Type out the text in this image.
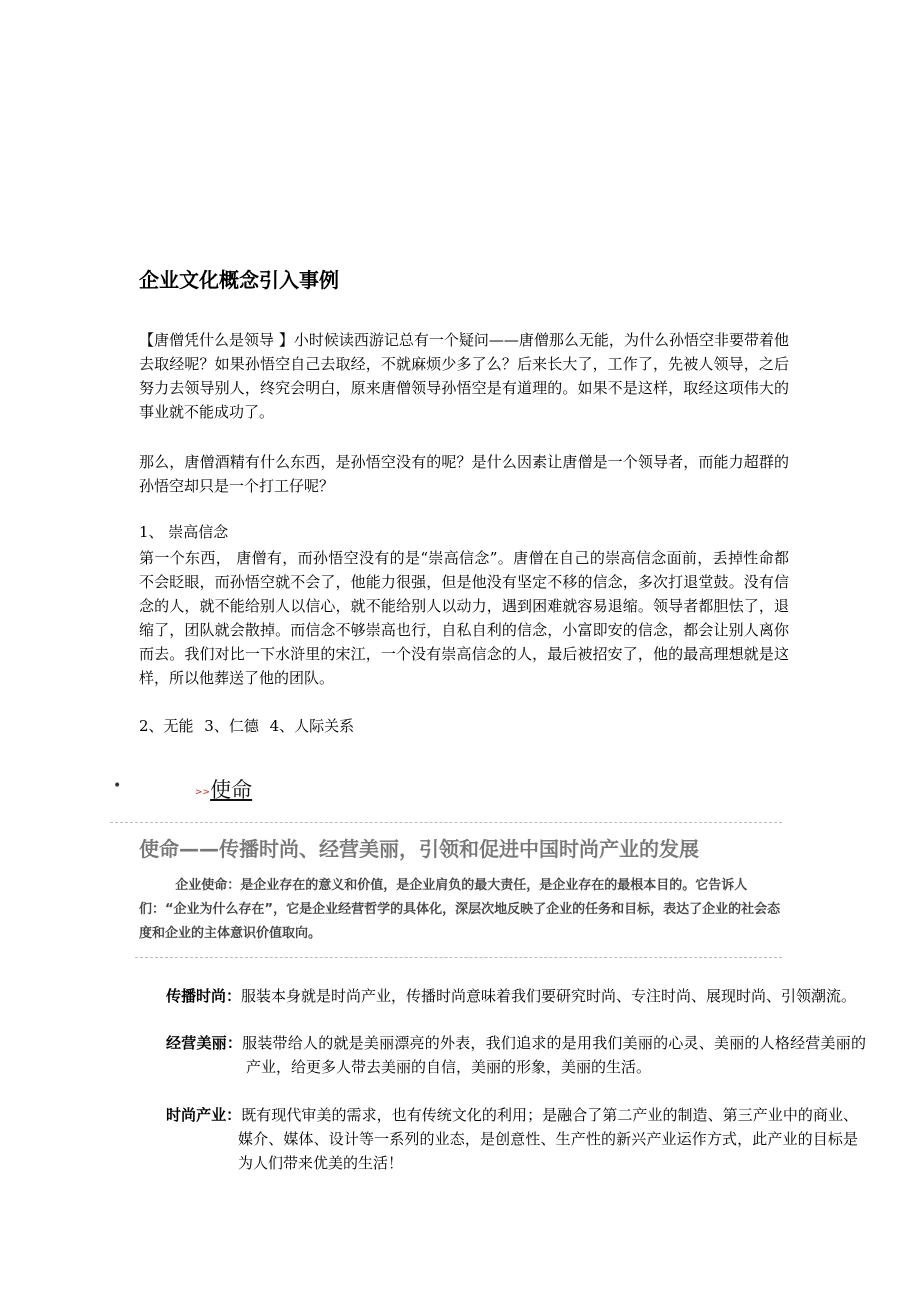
企业文化概念引入事例

【唐僧凭什么是领导 】小时候读西游记总有一个疑问——唐僧那么无能，为什么孙悟空非要带着他去取经呢？如果孙悟空自己去取经，不就麻烦少多了么？后来长大了，工作了，先被人领导，之后努力去领导别人，终究会明白，原来唐僧领导孙悟空是有道理的。如果不是这样，取经这项伟大的事业就不能成功了。

那么，唐僧酒精有什么东西，是孙悟空没有的呢？是什么因素让唐僧是一个领导者，而能力超群的孙悟空却只是一个打工仔呢？

1、 崇高信念

第一个东西， 唐僧有，而孙悟空没有的是“崇高信念”。唐僧在自己的崇高信念面前，丢掉性命都不会眨眼，而孙悟空就不会了，他能力很强，但是他没有坚定不移的信念，多次打退堂鼓。没有信念的人，就不能给别人以信心，就不能给别人以动力，遇到困难就容易退缩。领导者都胆怯了，退缩了，团队就会散掉。而信念不够崇高也行，自私自利的信念，小富即安的信念，都会让别人离你而去。我们对比一下水浒里的宋江，一个没有崇高信念的人，最后被招安了，他的最高理想就是这样，所以他葬送了他的团队。

2、无能 3、仁德 4、人际关系
•	>>使命
使命——传播时尚、经营美丽，引领和促进中国时尚产业的发展

企业使命：是企业存在的意义和价值，是企业肩负的最大责任，是企业存在的最根本目的。它告诉人们：“企业为什么存在”，它是企业经营哲学的具体化，深层次地反映了企业的任务和目标，表达了企业的社会态度和企业的主体意识价值取向。

传播时尚：服装本身就是时尚产业，传播时尚意味着我们要研究时尚、专注时尚、展现时尚、引领潮流。

经营美丽：服装带给人的就是美丽漂亮的外表，我们追求的是用我们美丽的心灵、美丽的人格经营美丽的产业，给更多人带去美丽的自信，美丽的形象，美丽的生活。

时尚产业：既有现代审美的需求，也有传统文化的利用；是融合了第二产业的制造、第三产业中的商业、媒介、媒体、设计等一系列的业态，是创意性、生产性的新兴产业运作方式，此产业的目标是为人们带来优美的生活！
